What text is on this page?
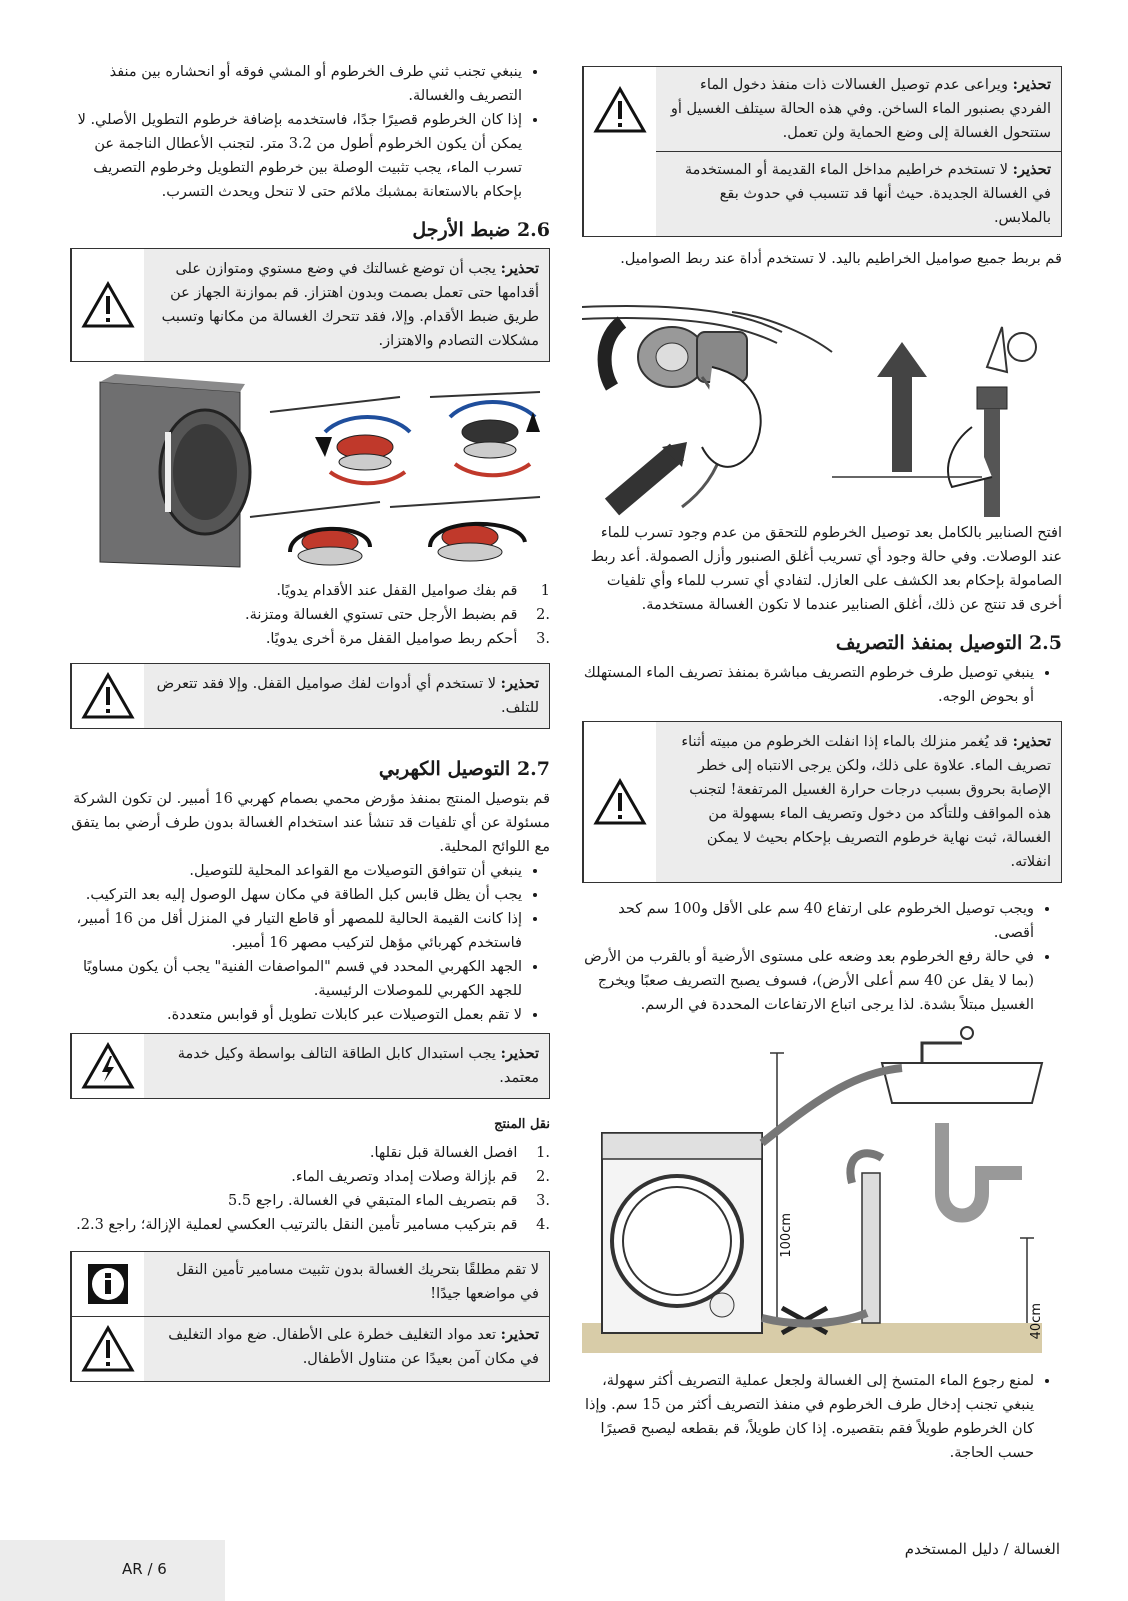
تحذير: ويراعى عدم توصيل الغسالات ذات منفذ دخول الماء الفردي بصنبور الماء الساخن. وفي هذه الحالة سيتلف الغسيل أو ستتحول الغسالة إلى وضع الحماية ولن تعمل.
تحذير: لا تستخدم خراطيم مداخل الماء القديمة أو المستخدمة في الغسالة الجديدة. حيث أنها قد تتسبب في حدوث بقع بالملابس.

قم بربط جميع صواميل الخراطيم باليد. لا تستخدم أداة عند ربط الصواميل.

افتح الصنابير بالكامل بعد توصيل الخرطوم للتحقق من عدم وجود تسرب للماء عند الوصلات. وفي حالة وجود أي تسريب أغلق الصنبور وأزل الصمولة. أعد ربط الصامولة بإحكام بعد الكشف على العازل. لتفادي أي تسرب للماء وأي تلفيات أخرى قد تنتج عن ذلك، أغلق الصنابير عندما لا تكون الغسالة مستخدمة.

2.5 التوصيل بمنفذ التصريف
• ينبغي توصيل طرف خرطوم التصريف مباشرة بمنفذ تصريف الماء المستهلك أو بحوض الوجه.
تحذير: قد يُغمر منزلك بالماء إذا انفلت الخرطوم من مبيته أثناء تصريف الماء. علاوة على ذلك، ولكن يرجى الانتباه إلى خطر الإصابة بحروق بسبب درجات حرارة الغسيل المرتفعة! لتجنب هذه المواقف وللتأكد من دخول وتصريف الماء بسهولة من الغسالة، ثبت نهاية خرطوم التصريف بإحكام بحيث لا يمكن انفلاته.
• ويجب توصيل الخرطوم على ارتفاع 40 سم على الأقل و100 سم كحد أقصى.
• في حالة رفع الخرطوم بعد وضعه على مستوى الأرضية أو بالقرب من الأرض (بما لا يقل عن 40 سم أعلى الأرض)، فسوف يصبح التصريف صعبًا ويخرج الغسيل مبتلاً بشدة. لذا يرجى اتباع الارتفاعات المحددة في الرسم.
100cm
40cm
• لمنع رجوع الماء المتسخ إلى الغسالة ولجعل عملية التصريف أكثر سهولة، ينبغي تجنب إدخال طرف الخرطوم في منفذ التصريف أكثر من 15 سم. وإذا كان الخرطوم طويلاً فقم بتقصيره. إذا كان طويلاً، قم بقطعه ليصبح قصيرًا حسب الحاجة.
• ينبغي تجنب ثني طرف الخرطوم أو المشي فوقه أو انحشاره بين منفذ التصريف والغسالة.
• إذا كان الخرطوم قصيرًا جدًا، فاستخدمه بإضافة خرطوم التطويل الأصلي. لا يمكن أن يكون الخرطوم أطول من 3.2 متر. لتجنب الأعطال الناجمة عن تسرب الماء، يجب تثبيت الوصلة بين خرطوم التطويل وخرطوم التصريف بإحكام بالاستعانة بمشبك ملائم حتى لا تنحل ويحدث التسرب.
2.6 ضبط الأرجل
تحذير: يجب أن توضع غسالتك في وضع مستوي ومتوازن على أقدامها حتى تعمل بصمت وبدون اهتزاز. قم بموازنة الجهاز عن طريق ضبط الأقدام. وإلا، فقد تتحرك الغسالة من مكانها وتسبب مشكلات التصادم والاهتزاز.
1 قم بفك صواميل القفل عند الأقدام يدويًا.
.2 قم بضبط الأرجل حتى تستوي الغسالة ومتزنة.
.3 أحكم ربط صواميل القفل مرة أخرى يدويًا.
تحذير: لا تستخدم أي أدوات لفك صواميل القفل. وإلا فقد تتعرض للتلف.
2.7 التوصيل الكهربي

قم بتوصيل المنتج بمنفذ مؤرض محمي بصمام كهربي 16 أمبير. لن تكون الشركة مسئولة عن أي تلفيات قد تنشأ عند استخدام الغسالة بدون طرف أرضي بما يتفق مع اللوائح المحلية.

• ينبغي أن تتوافق التوصيلات مع القواعد المحلية للتوصيل.
• يجب أن يظل قابس كبل الطاقة في مكان سهل الوصول إليه بعد التركيب.
• إذا كانت القيمة الحالية للمصهر أو قاطع التيار في المنزل أقل من 16 أمبير، فاستخدم كهربائي مؤهل لتركيب مصهر 16 أمبير.
• الجهد الكهربي المحدد في قسم "المواصفات الفنية" يجب أن يكون مساويًا للجهد الكهربي للموصلات الرئيسية.
• لا تقم بعمل التوصيلات عبر كابلات تطويل أو قوابس متعددة.
تحذير: يجب استبدال كابل الطاقة التالف بواسطة وكيل خدمة معتمد.
نقل المنتج
.1 افصل الغسالة قبل نقلها.
.2 قم بإزالة وصلات إمداد وتصريف الماء.
.3 قم بتصريف الماء المتبقي في الغسالة. راجع 5.5
.4 قم بتركيب مسامير تأمين النقل بالترتيب العكسي لعملية الإزالة؛ راجع 2.3.
لا تقم مطلقًا بتحريك الغسالة بدون تثبيت مسامير تأمين النقل في مواضعها جيدًا!
تحذير: تعد مواد التغليف خطرة على الأطفال. ضع مواد التغليف في مكان آمن بعيدًا عن متناول الأطفال.
AR / 6
الغسالة / دليل المستخدم
